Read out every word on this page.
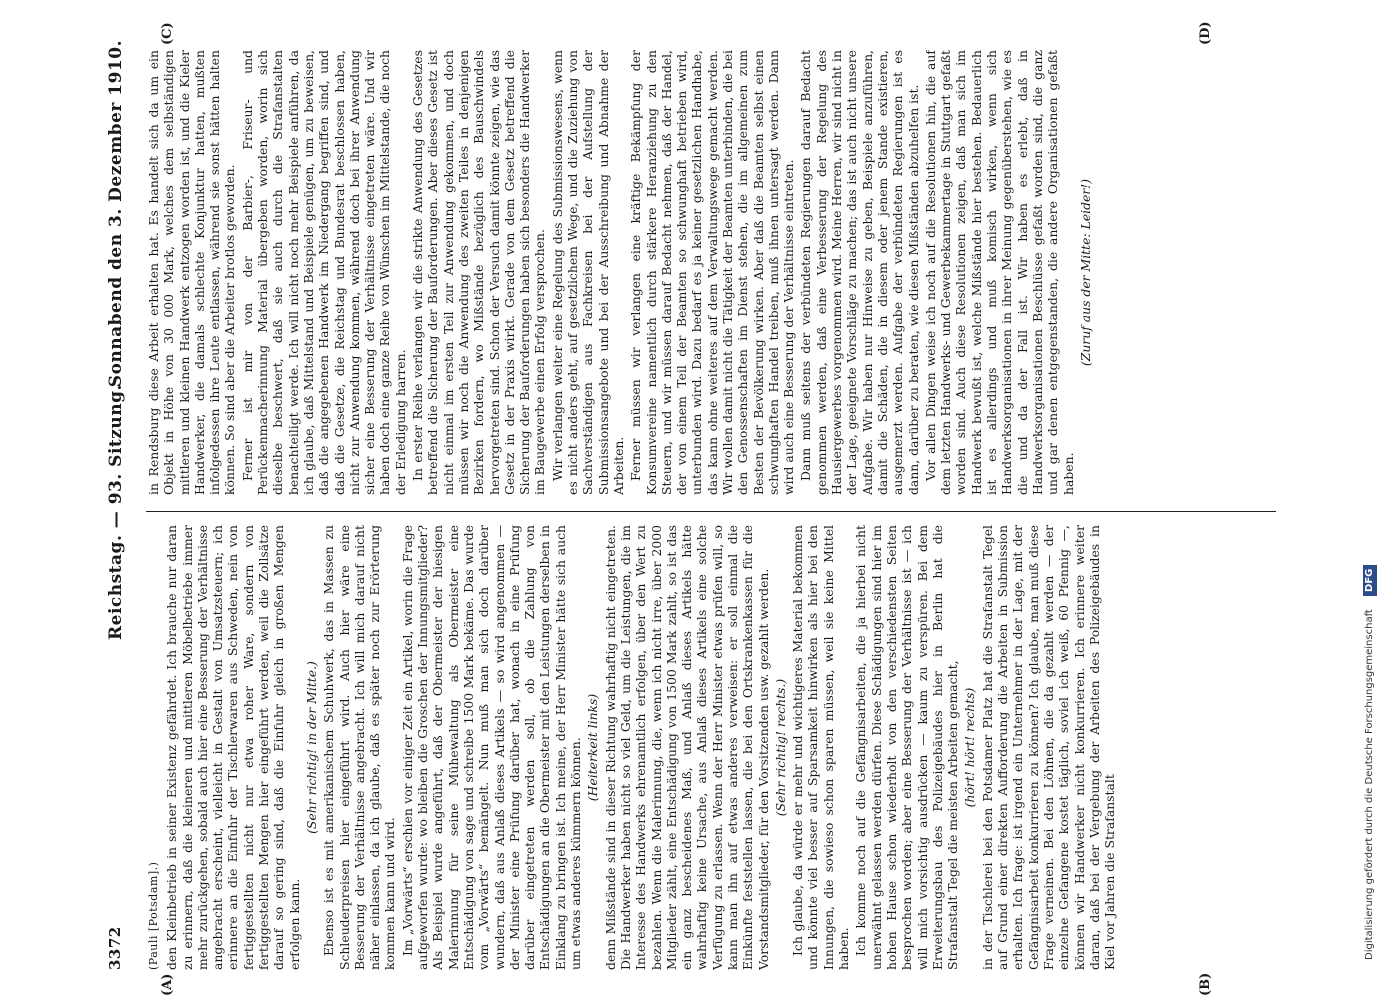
3372
Reichstag. — 93. Sitzung.
Sonnabend den 3. Dezember 1910.
(A)	(B)
(C)	(D)
(Pauli [Potsdam].) den Kleinbetrieb in seiner Existenz gefährdet. Ich brauche nur daran zu erinnern, daß die kleineren und mittleren Möbelbetriebe immer mehr zurückgehen, sobald auch hier eine Besserung der Verhältnisse angebracht erscheint, vielleicht in Gestalt von Umsatzsteuern; ich erinnere an die Einfuhr der Tischlerwaren aus Schweden, nein von fertiggestellten nicht nur etwa roher Ware, sondern von fertiggestellten Mengen hier eingeführt werden, weil die Zollsätze darauf so gering sind, daß die Einfuhr gleich in großen Mengen erfolgen kann.

(Sehr richtig! in der Mitte.) Ebenso ist es mit amerikanischem Schuhwerk, das in Massen zu Schleuderpreisen hier eingeführt wird. Auch hier wäre eine Besserung der Verhältnisse angebracht. Ich will mich darauf nicht näher einlassen, da ich glaube, daß es später noch zur Erörterung kommen kann und wird. Im „Vorwärts“ erschien vor einiger Zeit ein Artikel, worin die Frage aufgeworfen wurde: wo bleiben die Groschen der Innungsmitglieder? Als Beispiel wurde angeführt, daß der Obermeister der hiesigen Malerinnung für seine Mühewaltung als Obermeister eine Entschädigung von sage und schreibe 1500 Mark bekäme. Das wurde vom „Vorwärts“ bemängelt. Nun muß man sich doch darüber wundern, daß aus Anlaß dieses Artikels — so wird angenommen — der Minister eine Prüfung darüber hat, wonach in eine Prüfung darüber eingetreten werden soll, ob die Zahlung von Entschädigungen an die Obermeister mit den Leistungen derselben in Einklang zu bringen ist. Ich meine, der Herr Minister hätte sich auch um etwas anderes kümmern können. (Heiterkeit links) denn Mißstände sind in dieser Richtung wahrhaftig nicht eingetreten. Die Handwerker haben nicht so viel Geld, um die Leistungen, die im Interesse des Handwerks ehrenamtlich erfolgen, über den Wert zu bezahlen. Wenn die Malerinnung, die, wenn ich nicht irre, über 2000 Mitglieder zählt, eine Entschädigung von 1500 Mark zahlt, so ist das ein ganz bescheidenes Maß, und Anlaß dieses Artikels hätte wahrhaftig keine Ursache, aus Anlaß dieses Artikels eine solche Verfügung zu erlassen. Wenn der Herr Minister etwas prüfen will, so kann man ihn auf etwas anderes verweisen: er soll einmal die Einkünfte feststellen lassen, die bei den Ortskrankenkassen für die Vorstandsmitglieder, für den Vorsitzenden usw. gezahlt werden. (Sehr richtig! rechts.) Ich glaube, da würde er mehr und wichtigeres Material bekommen und könnte viel besser auf Sparsamkeit hinwirken als hier bei den Innungen, die sowieso schon sparen müssen, weil sie keine Mittel haben. Ich komme noch auf die Gefängnisarbeiten, die ja hierbei nicht unerwähnt gelassen werden dürfen. Diese Schädigungen sind hier im hohen Hause schon wiederholt von den verschiedensten Seiten besprochen worden; aber eine Besserung der Verhältnisse ist — ich will mich vorsichtig ausdrücken — kaum zu verspüren. Bei dem Erweiterungsbau des Polizeigebäudes hier in Berlin hat die Strafanstalt Tegel die meisten Arbeiten gemacht, (hört! hört! rechts) in der Tischlerei bei den Potsdamer Platz hat die Strafanstalt Tegel auf Grund einer direkten Aufforderung die Arbeiten in Submission erhalten. Ich frage: ist irgend ein Unternehmer in der Lage, mit der Gefängnisarbeit konkurrieren zu können? Ich glaube, man muß diese Frage verneinen. Bei den Löhnen, die da gezahlt werden — der einzelne Gefangene kostet täglich, soviel ich weiß, 60 Pfennig —, können wir Handwerker nicht konkurrieren. Ich erinnere weiter daran, daß bei der Vergebung der Arbeiten des Polizeigebäudes in Kiel vor Jahren die Strafanstalt

in Rendsburg diese Arbeit erhalten hat. Es handelt sich da um ein Objekt in Höhe von 30 000 Mark, welches dem selbständigen mittleren und kleinen Handwerk entzogen worden ist, und die Kieler Handwerker, die damals schlechte Konjunktur hatten, mußten infolgedessen ihre Leute entlassen, während sie sonst hätten halten können. So sind aber die Arbeiter brotlos geworden. Ferner ist mir von der Barbier-, Friseur- und Perückenmacherinnung Material übergeben worden, worin sich dieselbe beschwert, daß sie auch durch die Strafanstalten benachteiligt werde. Ich will nicht noch mehr Beispiele anführen, da ich glaube, daß Mittelstand und Beispiele genügen, um zu beweisen, daß die angegebenen Handwerk im Niedergang begriffen sind, und daß die Gesetze, die Reichstag und Bundesrat beschlossen haben, nicht zur Anwendung kommen, während doch bei ihrer Anwendung sicher eine Besserung der Verhältnisse eingetreten wäre. Und wir haben doch eine ganze Reihe von Wünschen im Mittelstande, die noch der Erledigung harren. In erster Reihe verlangen wir die strikte Anwendung des Gesetzes betreffend die Sicherung der Bauforderungen. Aber dieses Gesetz ist nicht einmal im ersten Teil zur Anwendung gekommen, und doch müssen wir noch die Anwendung des zweiten Teiles in denjenigen Bezirken fordern, wo Mißstände bezüglich des Bauschwindels hervorgetreten sind. Schon der Versuch damit könnte zeigen, wie das Gesetz in der Praxis wirkt. Gerade von dem Gesetz betreffend die Sicherung der Bauforderungen haben sich besonders die Handwerker im Baugewerbe einen Erfolg versprochen. Wir verlangen weiter eine Regelung des Submissionswesens, wenn es nicht anders geht, auf gesetzlichem Wege, und die Zuziehung von Sachverständigen aus Fachkreisen bei der Aufstellung der Submissionsangebote und bei der Ausschreibung und Abnahme der Arbeiten. Ferner müssen wir verlangen eine kräftige Bekämpfung der Konsumvereine namentlich durch stärkere Heranziehung zu den Steuern, und wir müssen darauf Bedacht nehmen, daß der Handel, der von einem Teil der Beamten so schwunghaft betrieben wird, unterbunden wird. Dazu bedarf es ja keiner gesetzlichen Handhabe, das kann ohne weiteres auf dem Verwaltungswege gemacht werden. Wir wollen damit nicht die Tätigkeit der Beamten unterbinden, die bei den Genossenschaften im Dienst stehen, die im allgemeinen zum Besten der Bevölkerung wirken. Aber daß die Beamten selbst einen schwunghaften Handel treiben, muß ihnen untersagt werden. Dann wird auch eine Besserung der Verhältnisse eintreten. Dann muß seitens der verbündeten Regierungen darauf Bedacht genommen werden, daß eine Verbesserung der Regelung des Hausiergewerbes vorgenommen wird. Meine Herren, wir sind nicht in der Lage, geeignete Vorschläge zu machen; das ist auch nicht unsere Aufgabe. Wir haben nur Hinweise zu geben, Beispiele anzuführen, damit die Schäden, die in diesem oder jenem Stande existieren, ausgemerzt werden. Aufgabe der verbündeten Regierungen ist es dann, darüber zu beraten, wie diesen Mißständen abzuhelfen ist. Vor allen Dingen weise ich noch auf die Resolutionen hin, die auf dem letzten Handwerks- und Gewerbekammertage in Stuttgart gefaßt worden sind. Auch diese Resolutionen zeigen, daß man sich im Handwerk bewußt ist, welche Mißstände hier bestehen. Bedauerlich ist es allerdings und muß komisch wirken, wenn sich Handwerksorganisationen in ihrer Meinung gegenüberstehen, wie es die und da der Fall ist. Wir haben es erlebt, daß in Handwerksorganisationen Beschlüsse gefaßt worden sind, die ganz und gar denen entgegenstanden, die andere Organisationen gefaßt haben.

(Zuruf aus der Mitte: Leider!)

Digitalisierung gefördert durch die Deutsche Forschungsgemeinschaft DFG
